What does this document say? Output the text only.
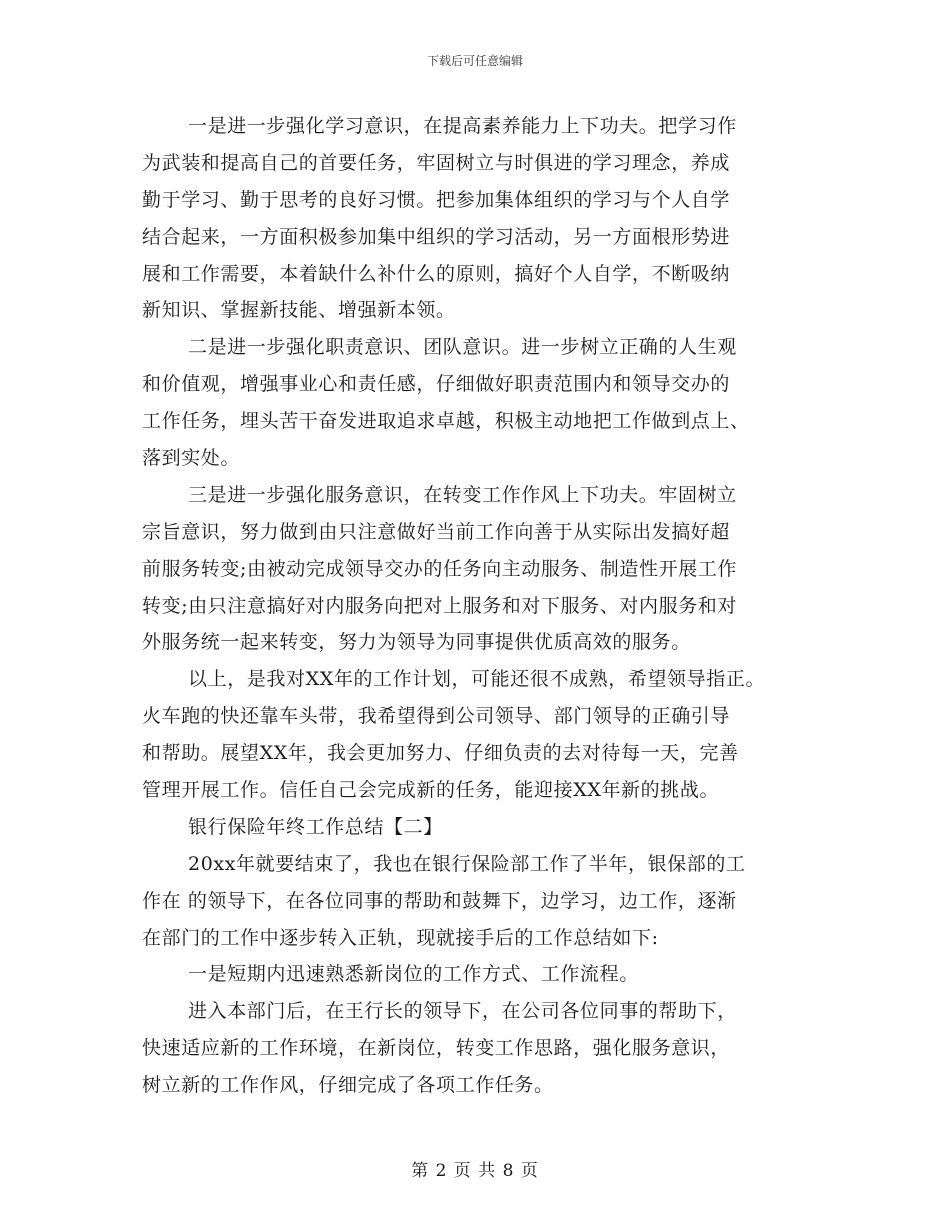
下载后可任意编辑

一是进一步强化学习意识，在提高素养能力上下功夫。把学习作
为武装和提高自己的首要任务，牢固树立与时俱进的学习理念，养成
勤于学习、勤于思考的良好习惯。把参加集体组织的学习与个人自学
结合起来，一方面积极参加集中组织的学习活动，另一方面根形势进
展和工作需要，本着缺什么补什么的原则，搞好个人自学，不断吸纳
新知识、掌握新技能、增强新本领。

二是进一步强化职责意识、团队意识。进一步树立正确的人生观
和价值观，增强事业心和责任感，仔细做好职责范围内和领导交办的
工作任务，埋头苦干奋发进取追求卓越，积极主动地把工作做到点上、
落到实处。

三是进一步强化服务意识，在转变工作作风上下功夫。牢固树立
宗旨意识，努力做到由只注意做好当前工作向善于从实际出发搞好超
前服务转变;由被动完成领导交办的任务向主动服务、制造性开展工作
转变;由只注意搞好对内服务向把对上服务和对下服务、对内服务和对
外服务统一起来转变，努力为领导为同事提供优质高效的服务。

以上，是我对XX年的工作计划，可能还很不成熟，希望领导指正。
火车跑的快还靠车头带，我希望得到公司领导、部门领导的正确引导
和帮助。展望XX年，我会更加努力、仔细负责的去对待每一天，完善
管理开展工作。信任自己会完成新的任务，能迎接XX年新的挑战。

银行保险年终工作总结【二】

20xx年就要结束了，我也在银行保险部工作了半年，银保部的工
作在 的领导下，在各位同事的帮助和鼓舞下，边学习，边工作，逐渐
在部门的工作中逐步转入正轨，现就接手后的工作总结如下:

一是短期内迅速熟悉新岗位的工作方式、工作流程。

进入本部门后，在王行长的领导下，在公司各位同事的帮助下，
快速适应新的工作环境，在新岗位，转变工作思路，强化服务意识，
树立新的工作作风，仔细完成了各项工作任务。

第 2 页 共 8 页
